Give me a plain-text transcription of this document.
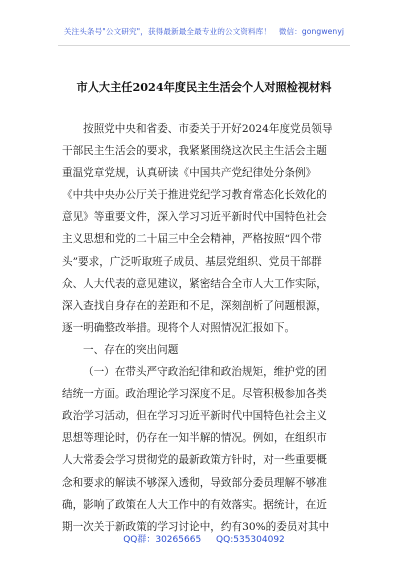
关注头条号"公文研究"，获得最新最全最专业的公文资料库！　微信：gongwenyj
市人大主任2024年度民主生活会个人对照检视材料
按照党中央和省委、市委关于开好2024年度党员领导
干部民主生活会的要求，我紧紧围绕这次民主生活会主题
重温党章党规，认真研读《中国共产党纪律处分条例》
《中共中央办公厅关于推进党纪学习教育常态化长效化的
意见》等重要文件，深入学习习近平新时代中国特色社会
主义思想和党的二十届三中全会精神，严格按照“四个带
头”要求，广泛听取班子成员、基层党组织、党员干部群
众、人大代表的意见建议，紧密结合全市人大工作实际，
深入查找自身存在的差距和不足，深刻剖析了问题根源，
逐一明确整改举措。现将个人对照情况汇报如下。
一、存在的突出问题
（一）在带头严守政治纪律和政治规矩，维护党的团
结统一方面。政治理论学习深度不足。尽管积极参加各类
政治学习活动，但在学习习近平新时代中国特色社会主义
思想等理论时，仍存在一知半解的情况。例如，在组织市
人大常委会学习贯彻党的最新政策方针时，对一些重要概
念和要求的解读不够深入透彻，导致部分委员理解不够准
确，影响了政策在人大工作中的有效落实。据统计，在近
期一次关于新政策的学习讨论中，约有30%的委员对其中
QQ群：30265665 QQ:535304092
